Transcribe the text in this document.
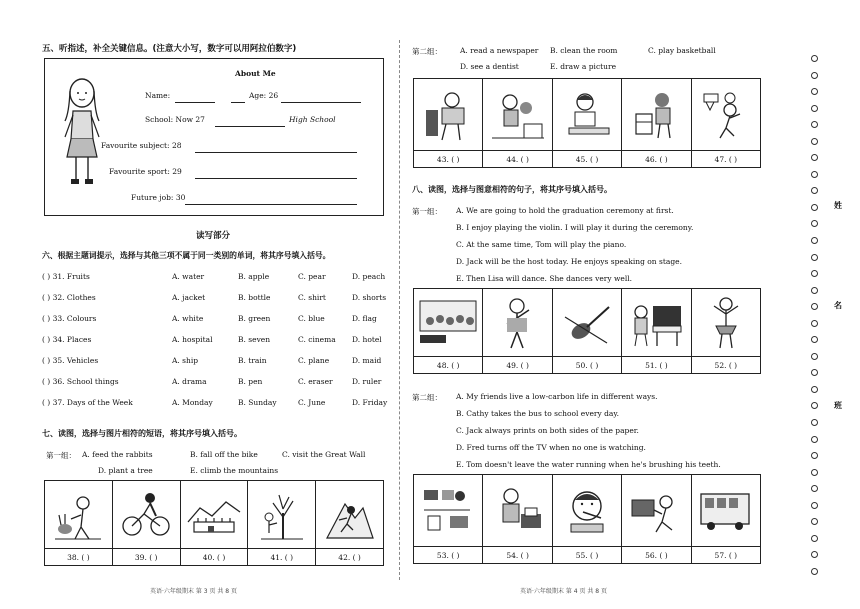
五、听指述，补全关键信息。(注意大小写，数字可以用阿拉伯数字)
About Me
Name:	Age: 26
School: Now 27	High School
Favourite subject: 28
Favourite sport: 29
Future job: 30
读写部分
六、根据主题词提示，选择与其他三项不属于同一类别的单词，将其序号填入括号。
( ) 31. Fruits	A. water	B. apple	C. pear	D. peach
( ) 32. Clothes	A. jacket	B. bottle	C. shirt	D. shorts
( ) 33. Colours	A. white	B. green	C. blue	D. flag
( ) 34. Places	A. hospital	B. seven	C. cinema D. hotel
( ) 35. Vehicles	A. ship	B. train	C. plane	D. maid
( ) 36. School things	A. drama	B. pen	C. eraser	D. ruler
( ) 37. Days of the Week	A. Monday	B. Sunday	C. June	D. Friday
七、读图，选择与图片相符的短语，将其序号填入括号。
第一组： A. feed the rabbits	B. fall off the bike	C. visit the Great Wall
D. plant a tree	E. climb the mountains
38. ( )	39. ( )	40. ( )	41. ( )	42. ( )
英语·六年级期末 第 3 页 共 8 页
第二组： A. read a newspaper B. clean the room	C. play basketball
D. see a dentist	E. draw a picture
43. ( )	44. ( )	45. ( )	46. ( )	47. ( )
八、读图，选择与图意相符的句子，将其序号填入括号。
第一组： A. We are going to hold the graduation ceremony at first.
B. I enjoy playing the violin. I will play it during the ceremony.
C. At the same time, Tom will play the piano.
D. Jack will be the host today. He enjoys speaking on stage.
E. Then Lisa will dance. She dances very well.
48. ( )	49. ( )	50. ( )	51. ( )	52. ( )
第二组： A. My friends live a low-carbon life in different ways.
B. Cathy takes the bus to school every day.
C. Jack always prints on both sides of the paper.
D. Fred turns off the TV when no one is watching.
E. Tom doesn't leave the water running when he's brushing his teeth.
53. ( )	54. ( )	55. ( )	56. ( )	57. ( )
英语·六年级期末 第 4 页 共 8 页
姓
名
班
